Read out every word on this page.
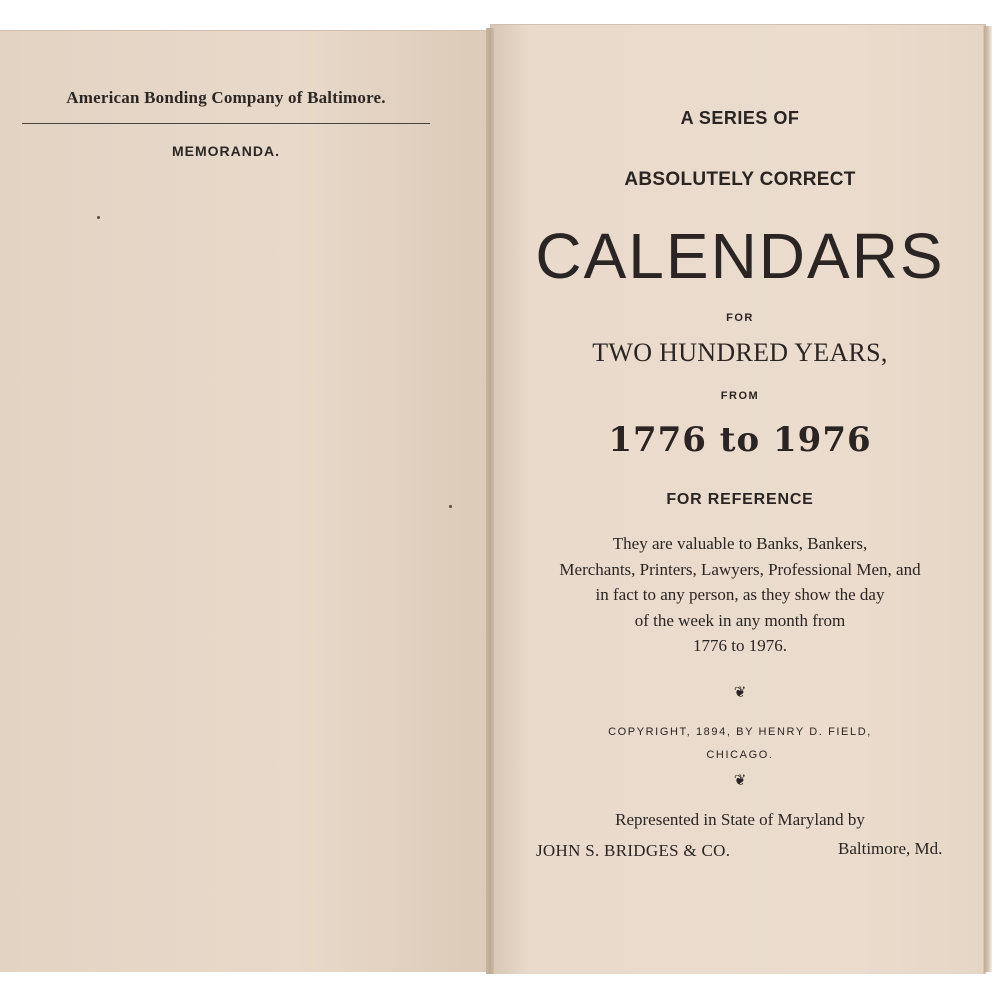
American Bonding Company of Baltimore.
MEMORANDA.
A SERIES OF
ABSOLUTELY CORRECT
CALENDARS
FOR
TWO HUNDRED YEARS,
FROM
1776 to 1976
FOR REFERENCE
They are valuable to Banks, Bankers,
Merchants, Printers, Lawyers, Professional Men, and
in fact to any person, as they show the day
of the week in any month from
1776 to 1976.
❦
COPYRIGHT, 1894, BY HENRY D. FIELD,
CHICAGO.
❦
Represented in State of Maryland by
JOHN S. BRIDGES & CO.	Baltimore, Md.
